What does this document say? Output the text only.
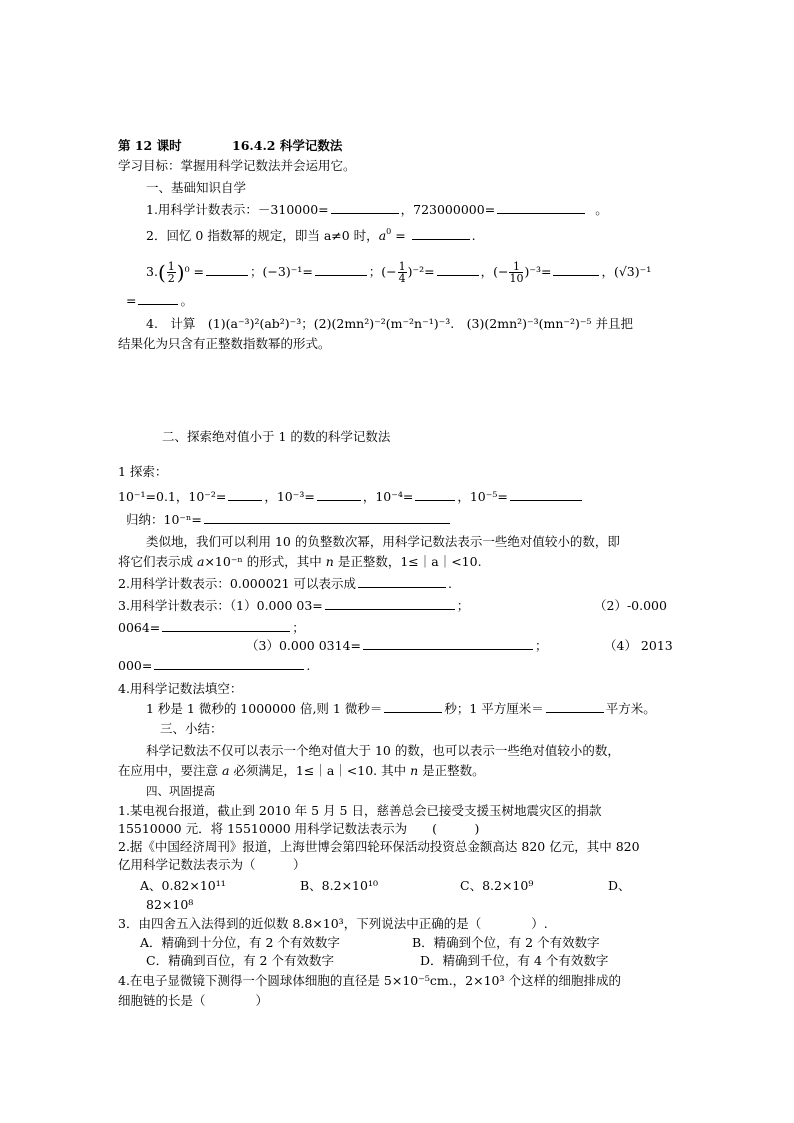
第 12 课时	16.4.2 科学记数法
学习目标：掌握用科学记数法并会运用它。
一、基础知识自学
1.用科学计数表示：－310000=	，723000000=	。
2．回忆 0 指数幂的规定，即当 a≠0 时，$a^0$ =	.
$3.( \frac{1}{2} )^0$ =	；(−3)⁻¹=	；(− $\frac{1}{4} )^{-2}=$	，(− $\frac{1}{10} )^{-3}=$	，(√3)⁻¹
=	。
4.　计算　(1)(a⁻³)²(ab²)⁻³；(2)(2mn²)⁻²(m⁻²n⁻¹)⁻³.　(3)(2mn²)⁻³(mn⁻²)⁻⁵ 并且把
结果化为只含有正整数指数幂的形式。
二、探索绝对值小于 1 的数的科学记数法
1 探索：
10⁻¹=0.1，10⁻²=	，10⁻³=	，10⁻⁴=	，10⁻⁵=
归纳：10⁻ⁿ=
类似地，我们可以利用 10 的负整数次幂，用科学记数法表示一些绝对值较小的数，即
将它们表示成 a×10⁻ⁿ 的形式，其中 n 是正整数，1≤｜a｜<10.
2.用科学计数表示：0.000021 可以表示成	.
3.用科学计数表示：（1）0.000 03=	；	（2）-0.000
0064=	；
（3）0.000 0314=	；	（4） 2013
000=	.
4.用科学记数法填空：
1 秒是 1 微秒的 1000000 倍,则 1 微秒＝	秒；1 平方厘米＝	平方米。
三、小结：
科学记数法不仅可以表示一个绝对值大于 10 的数，也可以表示一些绝对值较小的数，
在应用中，要注意 a 必须满足，1≤｜a｜<10. 其中 n 是正整数。
四、巩固提高
1.某电视台报道，截止到 2010 年 5 月 5 日，慈善总会已接受支援玉树地震灾区的捐款
15510000 元．将 15510000 用科学记数法表示为　　(　　　)
2.据《中国经济周刊》报道，上海世博会第四轮环保活动投资总金额高达 820 亿元，其中 820
亿用科学记数法表示为（　　　）
A、0.82×10¹¹	B、8.2×10¹⁰	C、8.2×10⁹	D、
82×10⁸
3．由四舍五入法得到的近似数 8.8×10³，下列说法中正确的是（　　　　）.
A．精确到十分位，有 2 个有效数字	B．精确到个位，有 2 个有效数字
C．精确到百位，有 2 个有效数字	D．精确到千位，有 4 个有效数字
4.在电子显微镜下测得一个圆球体细胞的直径是 5×10⁻⁵cm.，2×10³ 个这样的细胞排成的
细胞链的长是（　　　　）
